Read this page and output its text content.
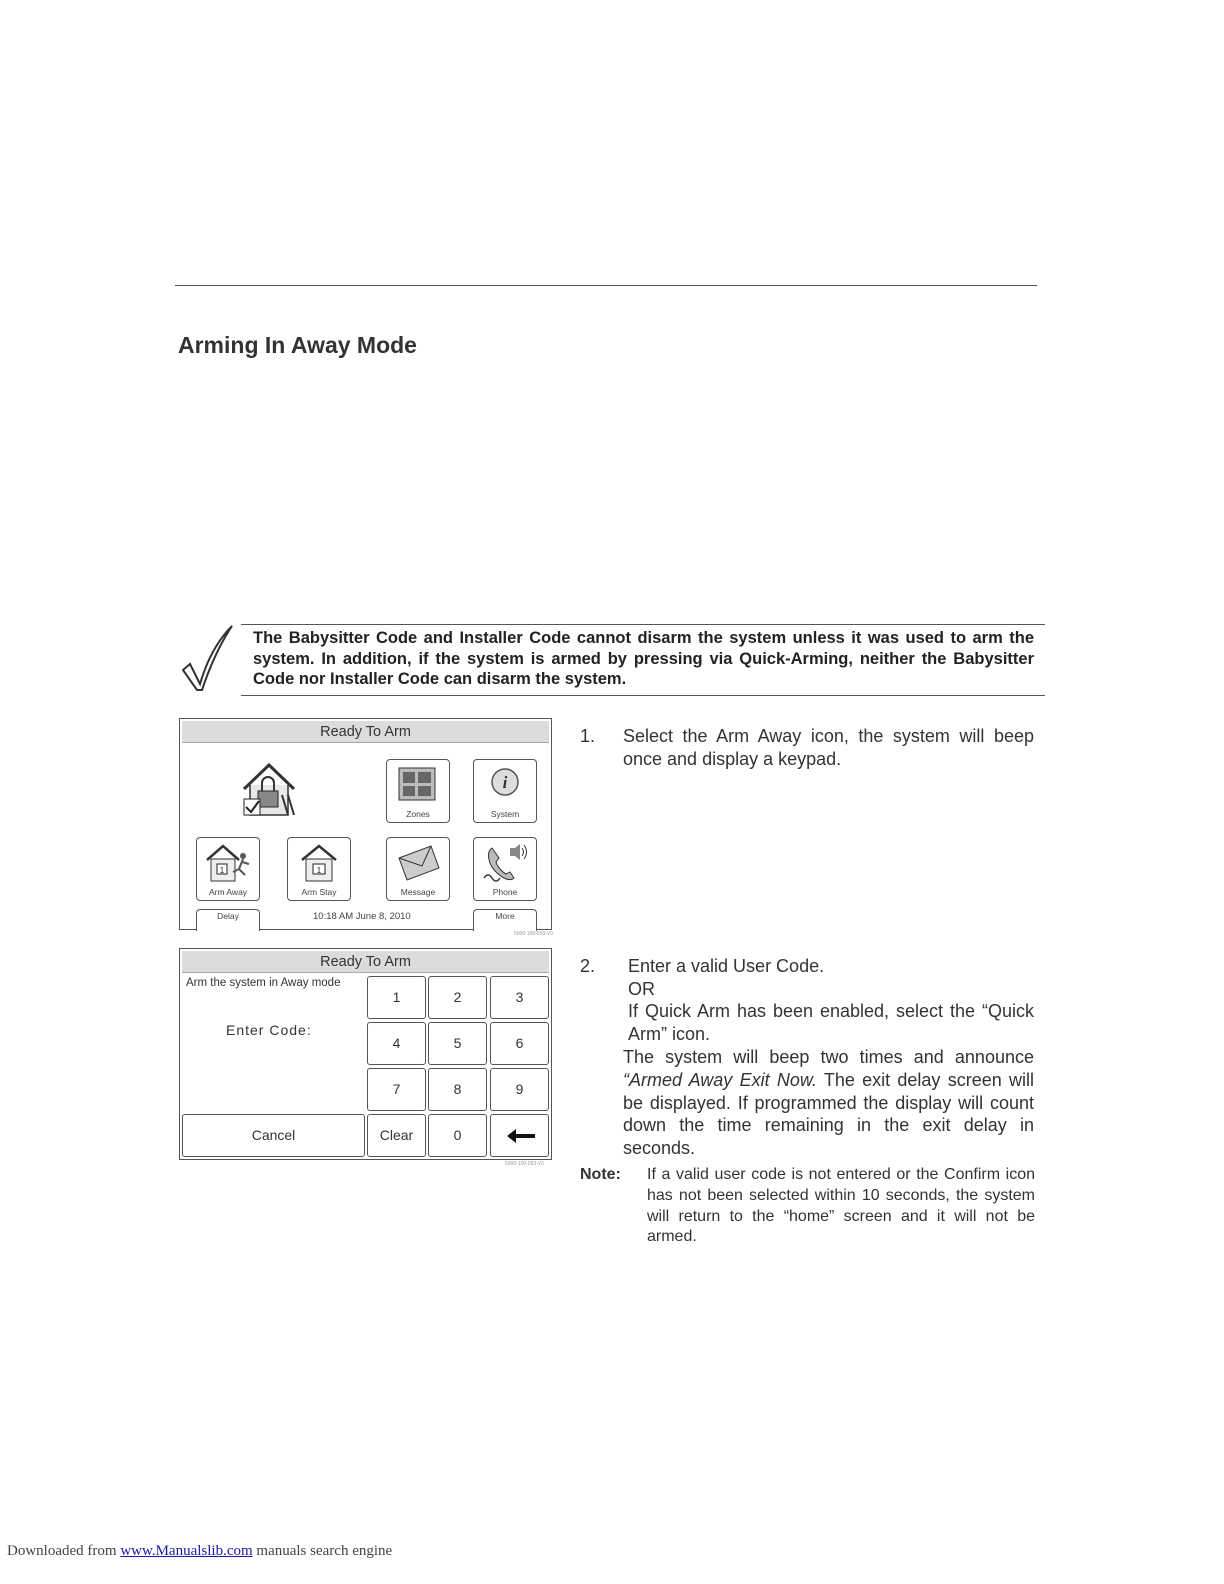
Arming In Away Mode
The Babysitter Code and Installer Code cannot disarm the system unless it was used to arm the system. In addition, if the system is armed by pressing via Quick-Arming, neither the Babysitter Code nor Installer Code can disarm the system.
Ready To Arm
Zones
i
System
1
Arm Away
1
Arm Stay	Message	Phone
Delay	10:18 AM June 8, 2010	More
5000-100-059-V0
Ready To Arm
Arm the system in Away mode
Enter Code:
1	2	3
4	5	6
7	8	9
Cancel	Clear	0
5000-100-053-V0
1. Select the Arm Away icon, the system will beep once and display a keypad.
2. Enter a valid User Code.
OR
If Quick Arm has been enabled, select the “Quick Arm” icon.
The system will beep two times and announce “Armed Away Exit Now. The exit delay screen will be displayed. If programmed the display will count down the time remaining in the exit delay in seconds.
Note: If a valid user code is not entered or the Confirm icon has not been selected within 10 seconds, the system will return to the “home” screen and it will not be armed.
Downloaded from www.Manualslib.com manuals search engine
